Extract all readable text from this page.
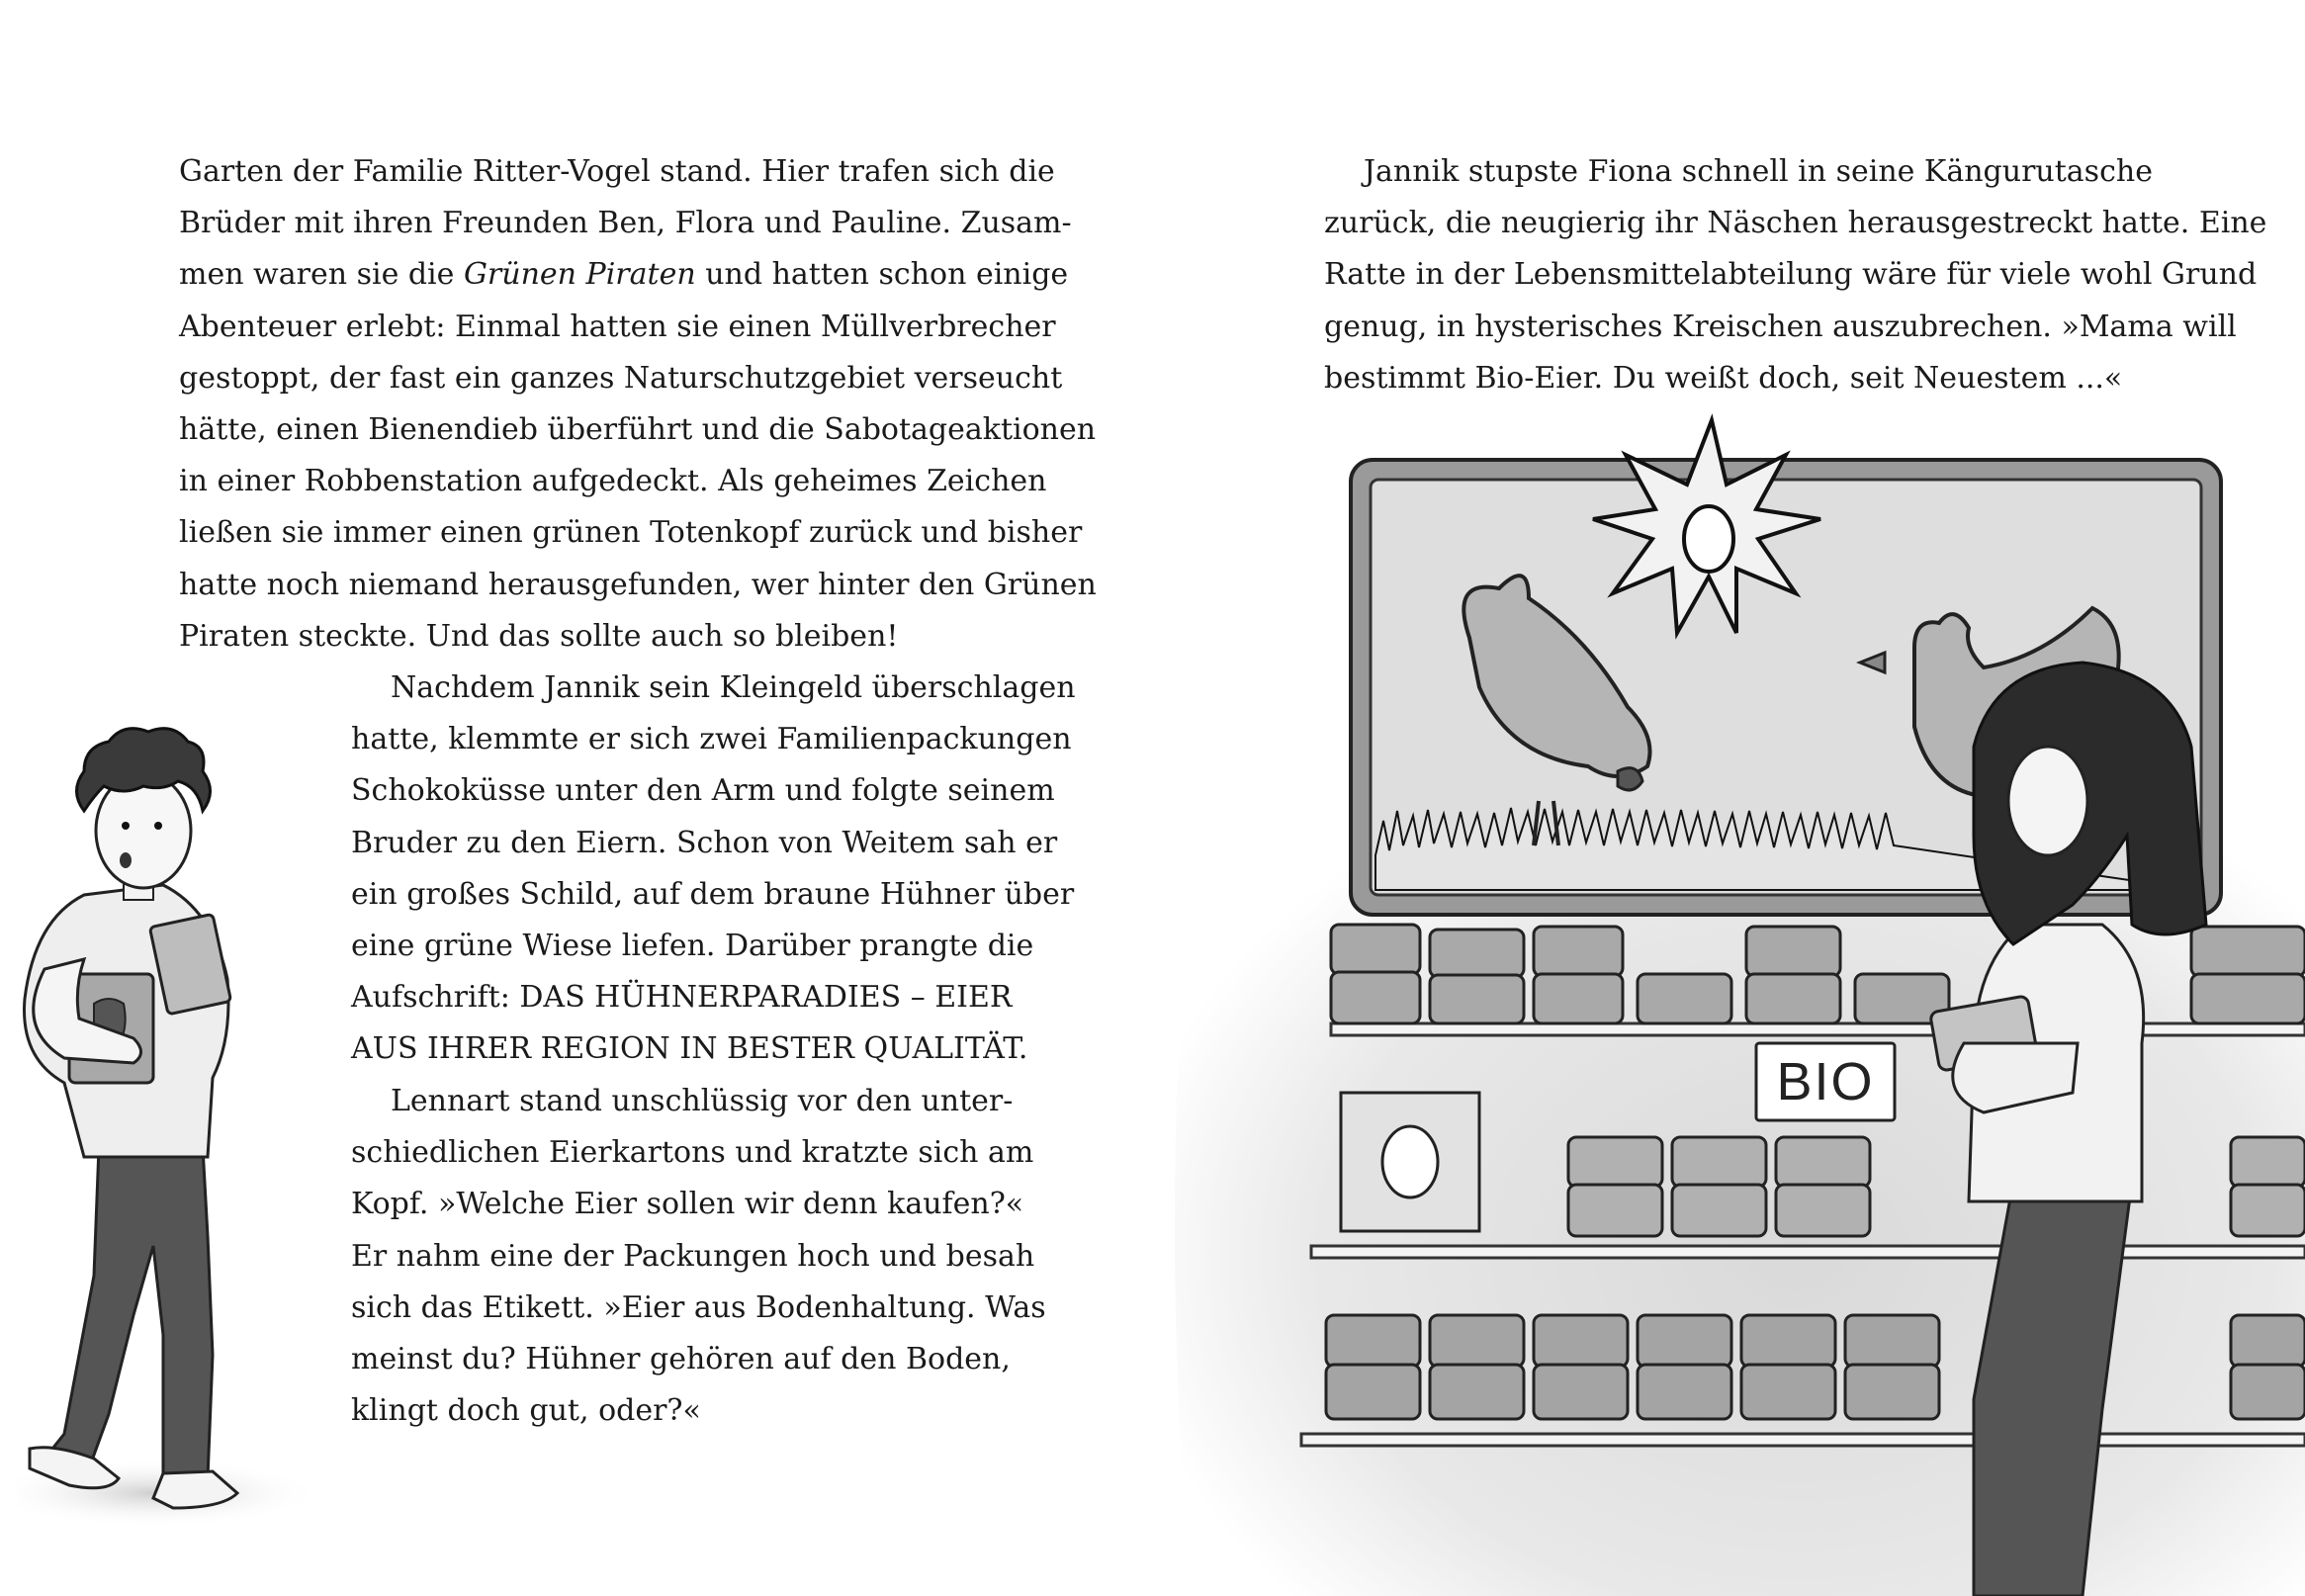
Garten der Familie Ritter-Vogel stand. Hier trafen sich die
Brüder mit ihren Freunden Ben, Flora und Pauline. Zusam-
men waren sie die Grünen Piraten und hatten schon einige
Abenteuer erlebt: Einmal hatten sie einen Müllverbrecher
gestoppt, der fast ein ganzes Naturschutzgebiet verseucht
hätte, einen Bienendieb überführt und die Sabotageaktionen
in einer Robbenstation aufgedeckt. Als geheimes Zeichen
ließen sie immer einen grünen Totenkopf zurück und bisher
hatte noch niemand herausgefunden, wer hinter den Grünen
Piraten steckte. Und das sollte auch so bleiben!
Nachdem Jannik sein Kleingeld überschlagen
hatte, klemmte er sich zwei Familienpackungen
Schokoküsse unter den Arm und folgte seinem
Bruder zu den Eiern. Schon von Weitem sah er
ein großes Schild, auf dem braune Hühner über
eine grüne Wiese liefen. Darüber prangte die
Aufschrift: DAS HÜHNERPARADIES – EIER
AUS IHRER REGION IN BESTER QUALITÄT.
Lennart stand unschlüssig vor den unter-
schiedlichen Eierkartons und kratzte sich am
Kopf. »Welche Eier sollen wir denn kaufen?«
Er nahm eine der Packungen hoch und besah
sich das Etikett. »Eier aus Bodenhaltung. Was
meinst du? Hühner gehören auf den Boden,
klingt doch gut, oder?«
Jannik stupste Fiona schnell in seine Kängurutasche
zurück, die neugierig ihr Näschen herausgestreckt hatte. Eine
Ratte in der Lebensmittelabteilung wäre für viele wohl Grund
genug, in hysterisches Kreischen auszubrechen. »Mama will
bestimmt Bio-Eier. Du weißt doch, seit Neuestem ...«
BIO
